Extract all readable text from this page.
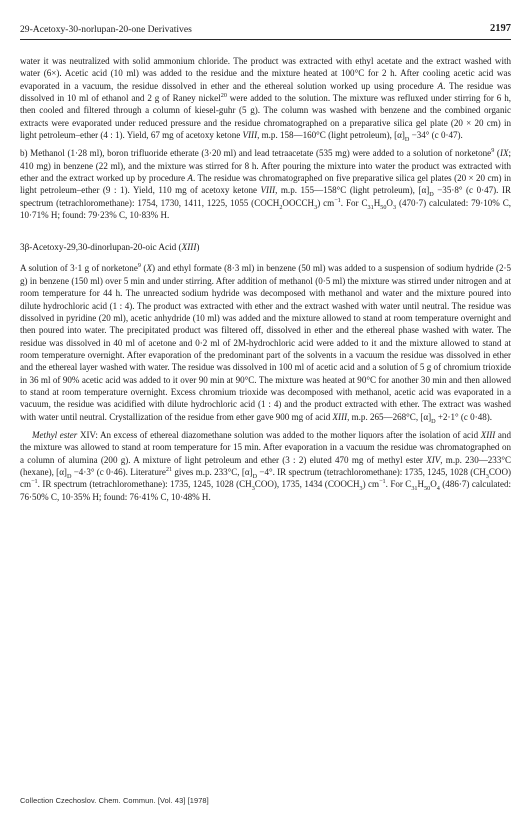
29-Acetoxy-30-norlupan-20-one Derivatives	2197

water it was neutralized with solid ammonium chloride. The product was extracted with ethyl acetate and the extract washed with water (6×). Acetic acid (10 ml) was added to the residue and the mixture heated at 100°C for 2 h. After cooling acetic acid was evaporated in a vacuum, the residue dissolved in ether and the ethereal solution worked up using procedure A. The residue was dissolved in 10 ml of ethanol and 2 g of Raney nickel$^{20}$ were added to the solution. The mixture was refluxed under stirring for 6 h, then cooled and filtered through a column of kiesel-guhr (5 g). The column was washed with benzene and the combined organic extracts were evaporated under reduced pressure and the residue chromatographed on a preparative silica gel plate (20 × 20 cm) in light petroleum–ether (4 : 1). Yield, 67 mg of acetoxy ketone VIII, m.p. 158—160°C (light petroleum), $[\alpha]_D -34^\circ$ (c 0·47).

b) Methanol (1·28 ml), boron trifluoride etherate (3·20 ml) and lead tetraacetate (535 mg) were added to a solution of norketone$^9$ (IX; 410 mg) in benzene (22 ml), and the mixture was stirred for 8 h. After pouring the mixture into water the product was extracted with ether and the extract worked up by procedure A. The residue was chromatographed on five preparative silica gel plates (20 × 20 cm) in light petroleum–ether (9 : 1). Yield, 110 mg of acetoxy ketone VIII, m.p. 155—158°C (light petroleum), $[\alpha]_D -35\cdot 8^\circ$ (c 0·47). IR spectrum (tetrachloromethane): 1754, 1730, 1411, 1225, 1055 $(COCH_2OOCCH_3)$ $cm^{-1}$. For $C_{31}H_{50}O_3$ (470·7) calculated: 79·10% C, 10·71% H; found: 79·23% C, 10·83% H.

3β-Acetoxy-29,30-dinorlupan-20-oic Acid (XIII)

A solution of 3·1 g of norketone$^9$ (X) and ethyl formate (8·3 ml) in benzene (50 ml) was added to a suspension of sodium hydride (2·5 g) in benzene (150 ml) over 5 min and under stirring. After addition of methanol (0·5 ml) the mixture was stirred under nitrogen and at room temperature for 44 h. The unreacted sodium hydride was decomposed with methanol and water and the mixture poured into dilute hydrochloric acid (1 : 4). The product was extracted with ether and the extract washed with water until neutral. The residue was dissolved in pyridine (20 ml), acetic anhydride (10 ml) was added and the mixture allowed to stand at room temperature overnight and then poured into water. The precipitated product was filtered off, dissolved in ether and the ethereal phase washed with water. The residue was dissolved in 40 ml of acetone and 0·2 ml of 2M-hydrochloric acid were added to it and the mixture allowed to stand at room temperature overnight. After evaporation of the predominant part of the solvents in a vacuum the residue was dissolved in ether and the ethereal layer washed with water. The residue was dissolved in 100 ml of acetic acid and a solution of 5 g of chromium trioxide in 36 ml of 90% acetic acid was added to it over 90 min at 90°C. The mixture was heated at 90°C for another 30 min and then allowed to stand at room temperature overnight. Excess chromium trioxide was decomposed with methanol, acetic acid was evaporated in a vacuum, the residue was acidified with dilute hydrochloric acid (1 : 4) and the product extracted with ether. The extract was washed with water until neutral. Crystallization of the residue from ether gave 900 mg of acid XIII, m.p. 265—268°C, $[\alpha]_D +2\cdot 1^\circ$ (c 0·48).

Methyl ester XIV: An excess of ethereal diazomethane solution was added to the mother liquors after the isolation of acid XIII and the mixture was allowed to stand at room temperature for 15 min. After evaporation in a vacuum the residue was chromatographed on a column of alumina (200 g). A mixture of light petroleum and ether (3 : 2) eluted 470 mg of methyl ester XIV, m.p. 230—233°C (hexane), $[\alpha]_D -4\cdot 3^\circ$ (c 0·46). Literature$^{21}$ gives m.p. 233°C, $[\alpha]_D -4^\circ$. IR spectrum (tetrachloromethane): 1735, 1245, 1028 $(CH_3COO)$ $cm^{-1}$. IR spectrum (tetrachloromethane): 1735, 1245, 1028 $(CH_3COO)$, 1735, 1434 $(COOCH_3)$ $cm^{-1}$. For $C_{31}H_{50}O_4$ (486·7) calculated: 76·50% C, 10·35% H; found: 76·41% C, 10·48% H.

Collection Czechoslov. Chem. Commun. [Vol. 43] [1978]
